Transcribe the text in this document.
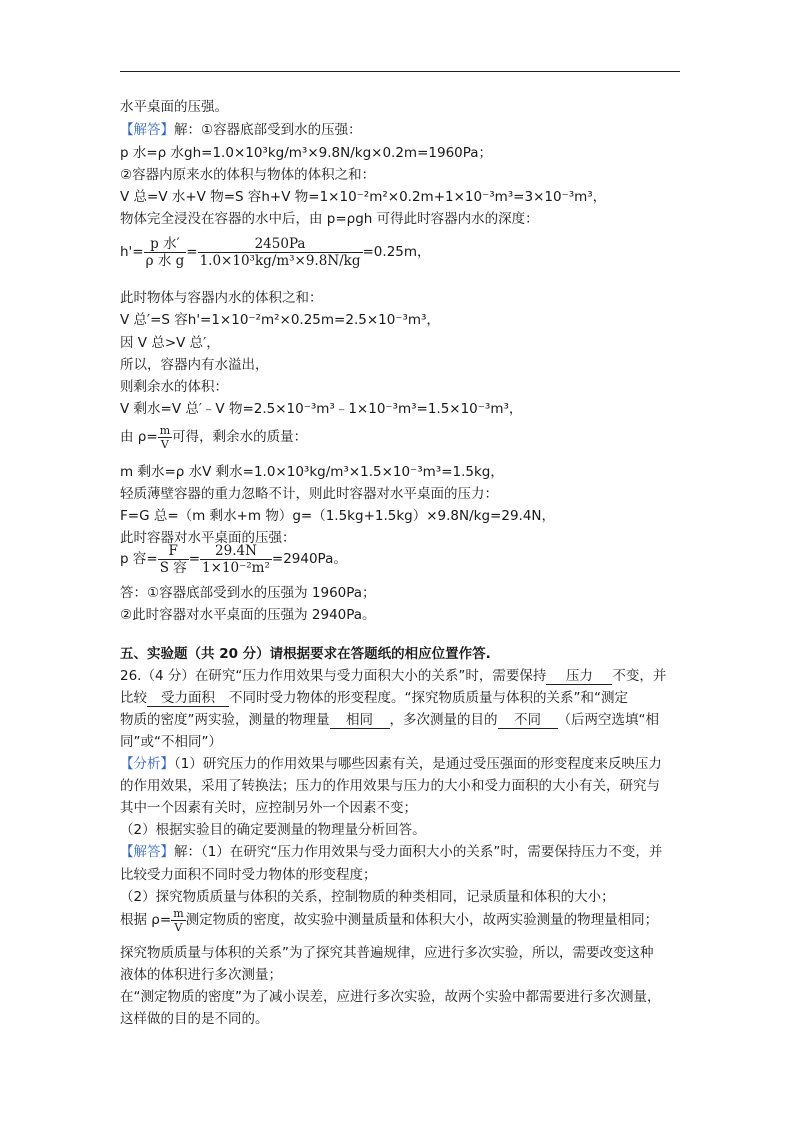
水平桌面的压强。
【解答】解：①容器底部受到水的压强：
p 水=ρ 水gh=1.0×10³kg/m³×9.8N/kg×0.2m=1960Pa；
②容器内原来水的体积与物体的体积之和：
V 总=V 水+V 物=S 容h+V 物=1×10⁻²m²×0.2m+1×10⁻³m³=3×10⁻³m³，
物体完全浸没在容器的水中后，由 p=ρgh 可得此时容器内水的深度：
$h'= \frac{\text{p 水′}}{\text{ρ 水 g}} = \frac{2450Pa}{\text{1.0×10³kg/m³×9.8N/kg}} =0.25m$，
此时物体与容器内水的体积之和：
V 总′=S 容h'=1×10⁻²m²×0.25m=2.5×10⁻³m³，
因 V 总>V 总′，
所以，容器内有水溢出，
则剩余水的体积：
V 剩水=V 总′﹣V 物=2.5×10⁻³m³﹣1×10⁻³m³=1.5×10⁻³m³，
由 $\rho= \frac{m}{V}$ 可得，剩余水的质量：
m 剩水=ρ 水V 剩水=1.0×10³kg/m³×1.5×10⁻³m³=1.5kg，
轻质薄壁容器的重力忽略不计，则此时容器对水平桌面的压力：
F=G 总=（m 剩水+m 物）g=（1.5kg+1.5kg）×9.8N/kg=29.4N，
此时容器对水平桌面的压强：
p 容= $\frac{F}{\text{S 容}} = \frac{29.4N}{\text{1×10⁻²m²}} =2940Pa$。
答：①容器底部受到水的压强为 1960Pa；
②此时容器对水平桌面的压强为 2940Pa。
五、实验题（共 20 分）请根据要求在答题纸的相应位置作答.
26.（4 分）在研究“压力作用效果与受力面积大小的关系”时，需要保持 压力 不变，并
比较 受力面积 不同时受力物体的形变程度。“探究物质质量与体积的关系”和“测定
物质的密度”两实验，测量的物理量 相同 ，多次测量的目的 不同 （后两空选填“相
同”或“不相同”）
【分析】（1）研究压力的作用效果与哪些因素有关，是通过受压强面的形变程度来反映压力
的作用效果，采用了转换法；压力的作用效果与压力的大小和受力面积的大小有关，研究与
其中一个因素有关时，应控制另外一个因素不变；
（2）根据实验目的确定要测量的物理量分析回答。
【解答】解：（1）在研究“压力作用效果与受力面积大小的关系”时，需要保持压力不变，并
比较受力面积不同时受力物体的形变程度；
（2）探究物质质量与体积的关系，控制物质的种类相同，记录质量和体积的大小；
根据 $\rho= \frac{m}{V}$ 测定物质的密度，故实验中测量质量和体积大小，故两实验测量的物理量相同；
探究物质质量与体积的关系”为了探究其普遍规律，应进行多次实验，所以，需要改变这种
液体的体积进行多次测量；
在“测定物质的密度”为了减小误差，应进行多次实验，故两个实验中都需要进行多次测量，
这样做的目的是不同的。
